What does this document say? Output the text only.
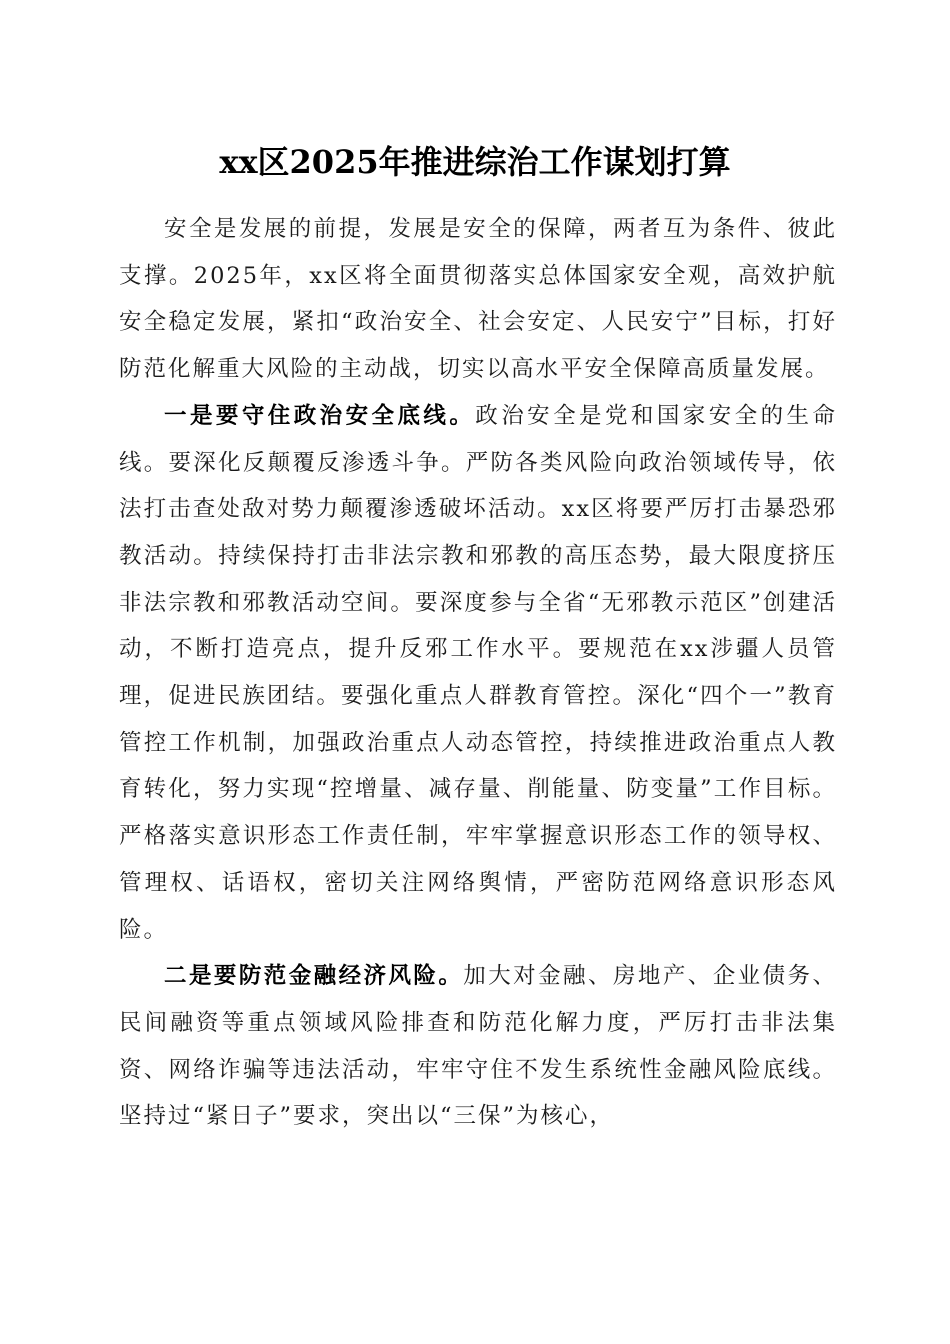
xx区2025年推进综治工作谋划打算

安全是发展的前提，发展是安全的保障，两者互为条件、彼此支撑。2025年，xx区将全面贯彻落实总体国家安全观，高效护航安全稳定发展，紧扣“政治安全、社会安定、人民安宁”目标，打好防范化解重大风险的主动战，切实以高水平安全保障高质量发展。

一是要守住政治安全底线。政治安全是党和国家安全的生命线。要深化反颠覆反渗透斗争。严防各类风险向政治领域传导，依法打击查处敌对势力颠覆渗透破坏活动。xx区将要严厉打击暴恐邪教活动。持续保持打击非法宗教和邪教的高压态势，最大限度挤压非法宗教和邪教活动空间。要深度参与全省“无邪教示范区”创建活动，不断打造亮点，提升反邪工作水平。要规范在xx涉疆人员管理，促进民族团结。要强化重点人群教育管控。深化“四个一”教育管控工作机制，加强政治重点人动态管控，持续推进政治重点人教育转化，努力实现“控增量、减存量、削能量、防变量”工作目标。严格落实意识形态工作责任制，牢牢掌握意识形态工作的领导权、管理权、话语权，密切关注网络舆情，严密防范网络意识形态风险。

二是要防范金融经济风险。加大对金融、房地产、企业债务、民间融资等重点领域风险排查和防范化解力度，严厉打击非法集资、网络诈骗等违法活动，牢牢守住不发生系统性金融风险底线。坚持过“紧日子”要求，突出以“三保”为核心，
